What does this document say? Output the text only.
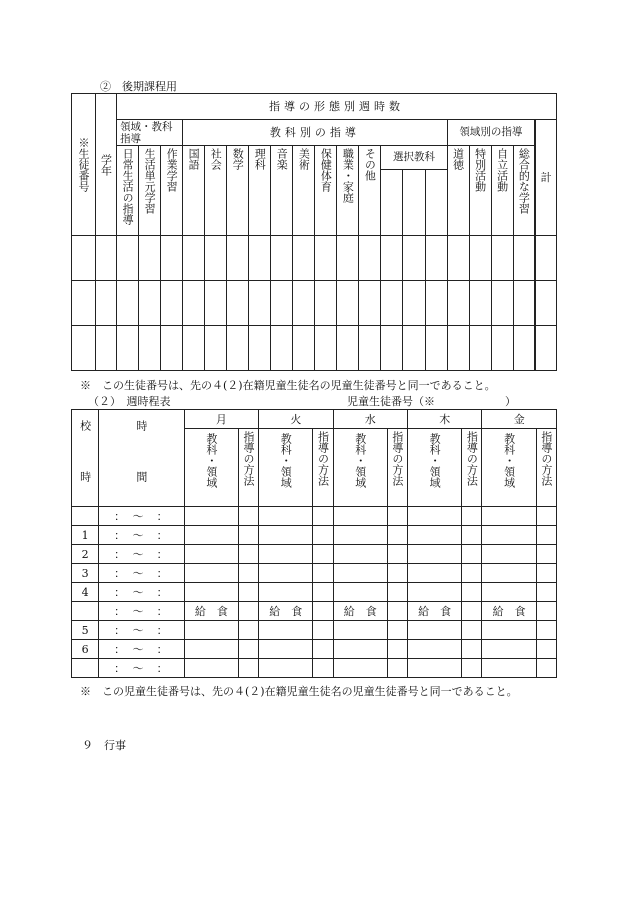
②　後期課程用
※生徒番号	学年	指導の形態別週時数																			
		領域・教科指導			教科別の指導												領域別の指導				計

		日常生活の指導	生活単元学習	作業学習	国語	社会	数学	理科	音楽	美術	保健体育	職業・家庭	その他	選択教科			道徳	特別活動	自立活動	総合的な学習	

※　この生徒番号は、先の４(２)在籍児童生徒名の児童生徒番号と同一であること。
（２）　週時程表	児童生徒番号（※	）
校時	時間	月		火		水		木		金	

		教科・領域	指導の方法	教科・領域	指導の方法	教科・領域	指導の方法	教科・領域	指導の方法	教科・領域	指導の方法

	：　～　：										
1	：　～　：										
2	：　～　：										
3	：　～　：										
4	：　～　：										
	：　～　：	給　食		給　食		給　食		給　食		給　食	
5	：　～　：										
6	：　～　：										
	：　～　：										
※　この児童生徒番号は、先の４(２)在籍児童生徒名の児童生徒番号と同一であること。
９　行事
